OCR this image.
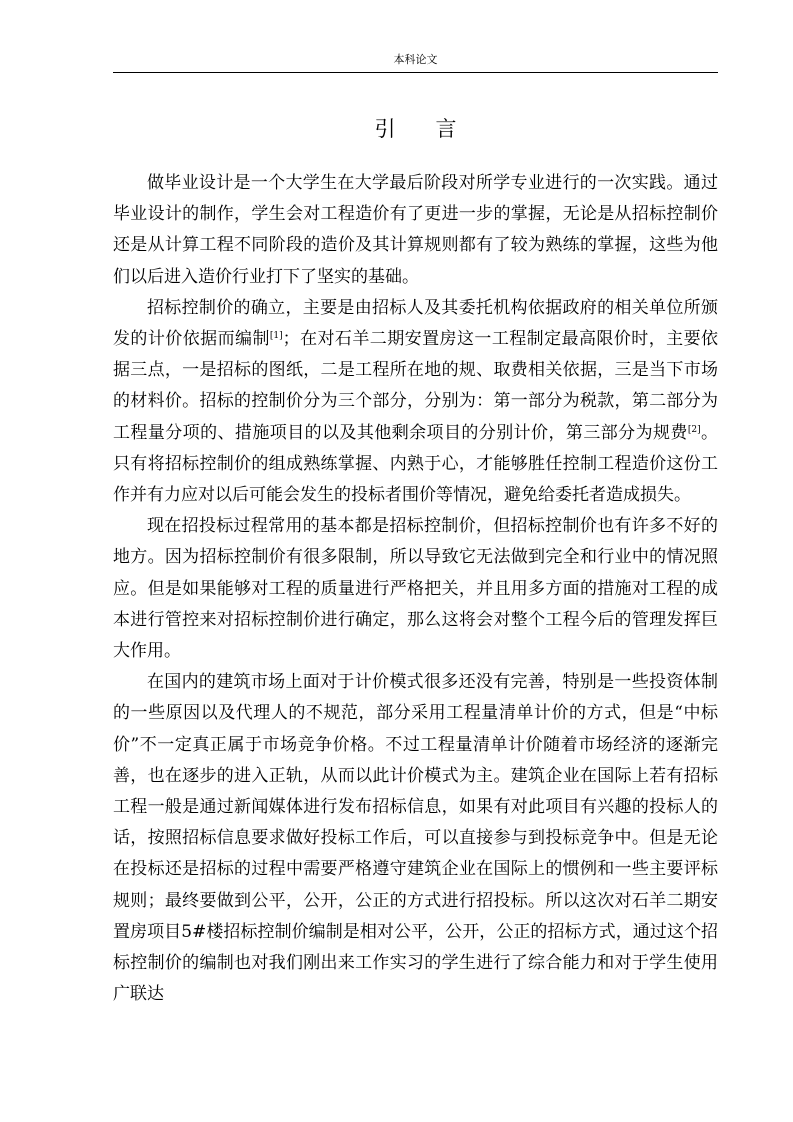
本科论文
引 言

做毕业设计是一个大学生在大学最后阶段对所学专业进行的一次实践。通过毕业设计的制作，学生会对工程造价有了更进一步的掌握，无论是从招标控制价还是从计算工程不同阶段的造价及其计算规则都有了较为熟练的掌握，这些为他们以后进入造价行业打下了坚实的基础。

招标控制价的确立，主要是由招标人及其委托机构依据政府的相关单位所颁发的计价依据而编制[1]；在对石羊二期安置房这一工程制定最高限价时，主要依据三点，一是招标的图纸，二是工程所在地的规、取费相关依据，三是当下市场的材料价。招标的控制价分为三个部分，分别为：第一部分为税款，第二部分为工程量分项的、措施项目的以及其他剩余项目的分别计价，第三部分为规费[2]。只有将招标控制价的组成熟练掌握、内熟于心，才能够胜任控制工程造价这份工作并有力应对以后可能会发生的投标者围价等情况，避免给委托者造成损失。

现在招投标过程常用的基本都是招标控制价，但招标控制价也有许多不好的地方。因为招标控制价有很多限制，所以导致它无法做到完全和行业中的情况照应。但是如果能够对工程的质量进行严格把关，并且用多方面的措施对工程的成本进行管控来对招标控制价进行确定，那么这将会对整个工程今后的管理发挥巨大作用。

在国内的建筑市场上面对于计价模式很多还没有完善，特别是一些投资体制的一些原因以及代理人的不规范，部分采用工程量清单计价的方式，但是“中标价”不一定真正属于市场竞争价格。不过工程量清单计价随着市场经济的逐渐完善，也在逐步的进入正轨，从而以此计价模式为主。建筑企业在国际上若有招标工程一般是通过新闻媒体进行发布招标信息，如果有对此项目有兴趣的投标人的话，按照招标信息要求做好投标工作后，可以直接参与到投标竞争中。但是无论在投标还是招标的过程中需要严格遵守建筑企业在国际上的惯例和一些主要评标规则；最终要做到公平，公开，公正的方式进行招投标。所以这次对石羊二期安置房项目5#楼招标控制价编制是相对公平，公开，公正的招标方式，通过这个招标控制价的编制也对我们刚出来工作实习的学生进行了综合能力和对于学生使用广联达
